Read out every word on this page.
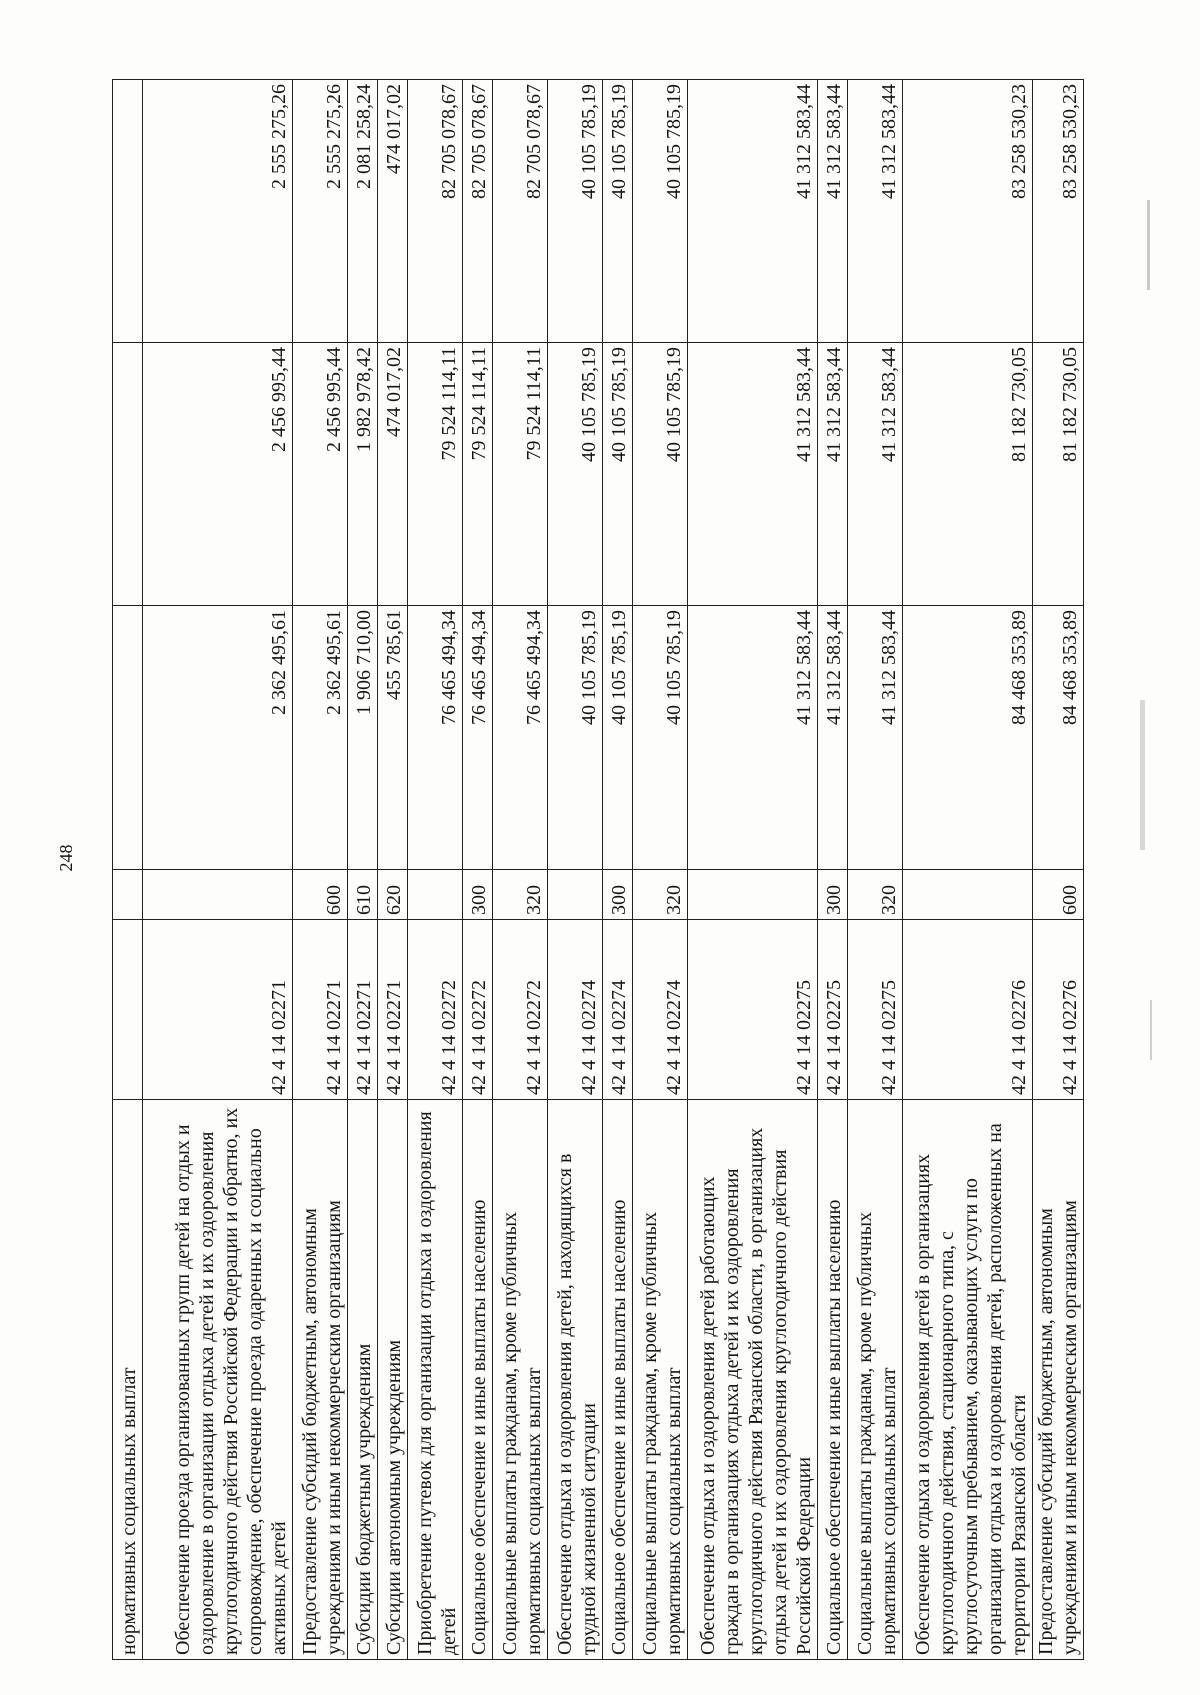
248
нормативных социальных выплат					
Обеспечение проезда организованных групп детей на отдых и оздоровление в организации отдыха детей и их оздоровления круглогодичного действия Российской Федерации и обратно, их сопровождение, обеспечение проезда одаренных и социально активных детей	42 4 14 02271		2 362 495,61	2 456 995,44	2 555 275,26
Предоставление субсидий бюджетным, автономным учреждениям и иным некоммерческим организациям	42 4 14 02271	600	2 362 495,61	2 456 995,44	2 555 275,26
Субсидии бюджетным учреждениям	42 4 14 02271	610	1 906 710,00	1 982 978,42	2 081 258,24
Субсидии автономным учреждениям	42 4 14 02271	620	455 785,61	474 017,02	474 017,02
Приобретение путевок для организации отдыха и оздоровления детей	42 4 14 02272		76 465 494,34	79 524 114,11	82 705 078,67
Социальное обеспечение и иные выплаты населению	42 4 14 02272	300	76 465 494,34	79 524 114,11	82 705 078,67
Социальные выплаты гражданам, кроме публичных нормативных социальных выплат	42 4 14 02272	320	76 465 494,34	79 524 114,11	82 705 078,67
Обеспечение отдыха и оздоровления детей, находящихся в трудной жизненной ситуации	42 4 14 02274		40 105 785,19	40 105 785,19	40 105 785,19
Социальное обеспечение и иные выплаты населению	42 4 14 02274	300	40 105 785,19	40 105 785,19	40 105 785,19
Социальные выплаты гражданам, кроме публичных нормативных социальных выплат	42 4 14 02274	320	40 105 785,19	40 105 785,19	40 105 785,19
Обеспечение отдыха и оздоровления детей работающих граждан в организациях отдыха детей и их оздоровления круглогодичного действия Рязанской области, в организациях отдыха детей и их оздоровления круглогодичного действия Российской Федерации	42 4 14 02275		41 312 583,44	41 312 583,44	41 312 583,44
Социальное обеспечение и иные выплаты населению	42 4 14 02275	300	41 312 583,44	41 312 583,44	41 312 583,44
Социальные выплаты гражданам, кроме публичных нормативных социальных выплат	42 4 14 02275	320	41 312 583,44	41 312 583,44	41 312 583,44
Обеспечение отдыха и оздоровления детей в организациях круглогодичного действия, стационарного типа, с круглосуточным пребыванием, оказывающих услуги по организации отдыха и оздоровления детей, расположенных на территории Рязанской области	42 4 14 02276		84 468 353,89	81 182 730,05	83 258 530,23
Предоставление субсидий бюджетным, автономным учреждениям и иным некоммерческим организациям	42 4 14 02276	600	84 468 353,89	81 182 730,05	83 258 530,23
